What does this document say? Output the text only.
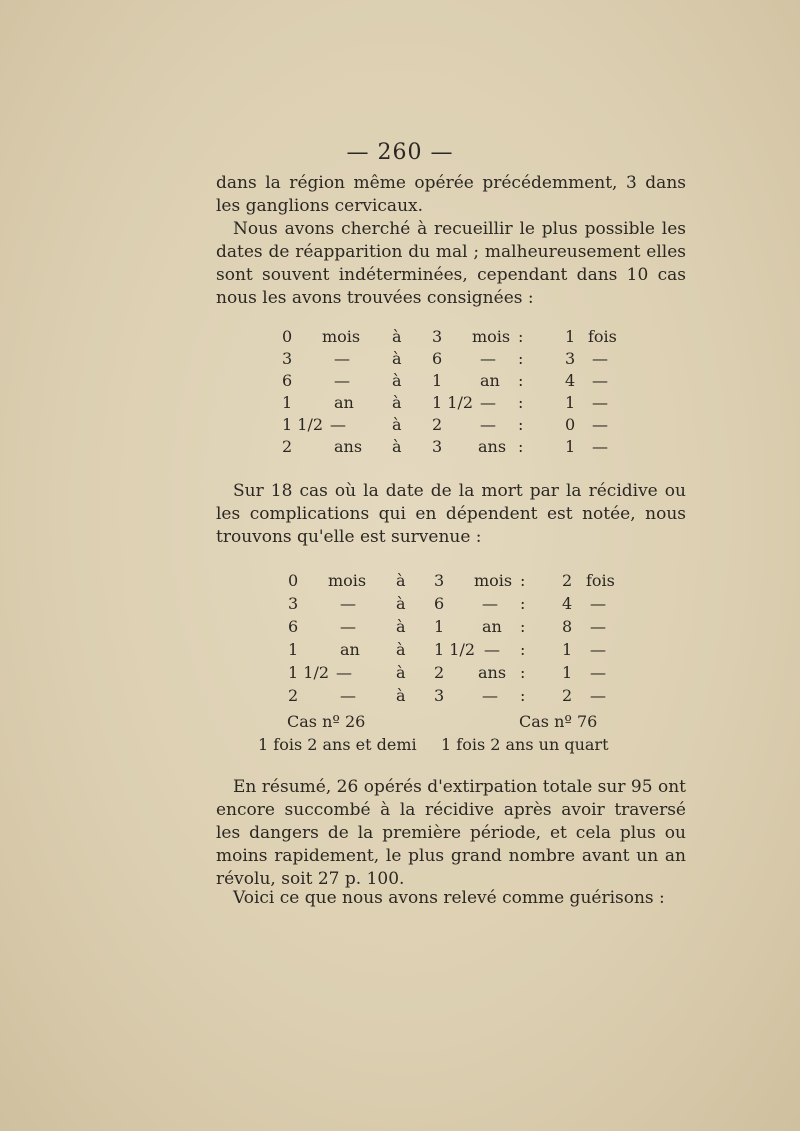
— 260 —

dans la région même opérée précédemment, 3 dans les ganglions cervicaux.

Nous avons cherché à recueillir le plus possible les dates de réapparition du mal ; malheureusement elles sont souvent indéterminées, cependant dans 10 cas nous les avons trouvées consignées :

0 mois à 3 mois :	1 fois
3	—	à 6 — :	3 —
6	—	à 1 an :	4 —
1	an à 1 1/2 — :	1 —
1 1/2 —	à 2 — :	0 —
2	ans à 3 ans :	1 —

Sur 18 cas où la date de la mort par la récidive ou les complications qui en dépendent est notée, nous trouvons qu'elle est survenue :

0 mois à 3 mois : 2 fois
3	—	à 6 — : 4 —
6	—	à 1 an : 8 —
1	an à 1 1/2 — : 1 —
1 1/2 —	à 2 ans : 1 —
2	—	à 3 — : 2 —
Cas nº 26	Cas nº 76
1 fois 2 ans et demi 1 fois 2 ans un quart

En résumé, 26 opérés d'extirpation totale sur 95 ont encore succombé à la récidive après avoir traversé les dangers de la première période, et cela plus ou moins rapidement, le plus grand nombre avant un an révolu, soit 27 p. 100.

Voici ce que nous avons relevé comme guérisons :
